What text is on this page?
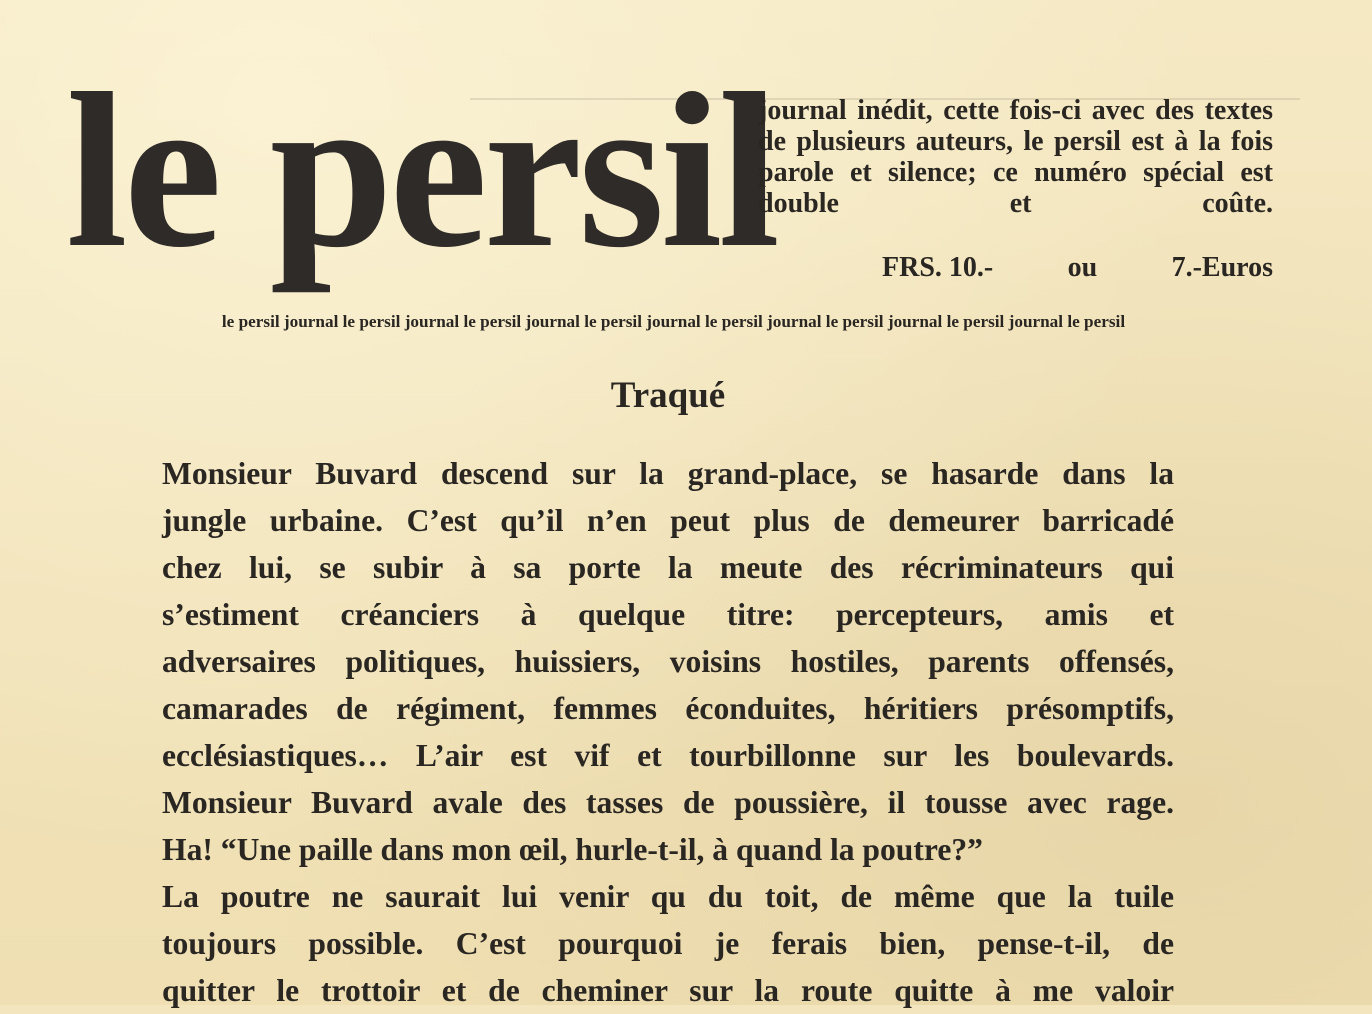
le persil
journal inédit, cette fois-ci avec des textes de plusieurs auteurs, le persil est à la fois parole et silence; ce numéro spécial est double et coûte.
FRS. 10.-	ou	7.-Euros
le persil journal le persil journal le persil journal le persil journal le persil journal le persil journal le persil journal le persil
Traqué
Monsieur Buvard descend sur la grand-place, se hasarde dans la
jungle urbaine. C’est qu’il n’en peut plus de demeurer barricadé
chez lui, se subir à sa porte la meute des récriminateurs qui
s’estiment créanciers à quelque titre: percepteurs, amis et
adversaires politiques, huissiers, voisins hostiles, parents offensés,
camarades de régiment, femmes éconduites, héritiers présomptifs,
ecclésiastiques… L’air est vif et tourbillonne sur les boulevards.
Monsieur Buvard avale des tasses de poussière, il tousse avec rage.
Ha! “Une paille dans mon œil, hurle-t-il, à quand la poutre?”
La poutre ne saurait lui venir qu du toit, de même que la tuile
toujours possible. C’est pourquoi je ferais bien, pense-t-il, de
quitter le trottoir et de cheminer sur la route quitte à me valoir
